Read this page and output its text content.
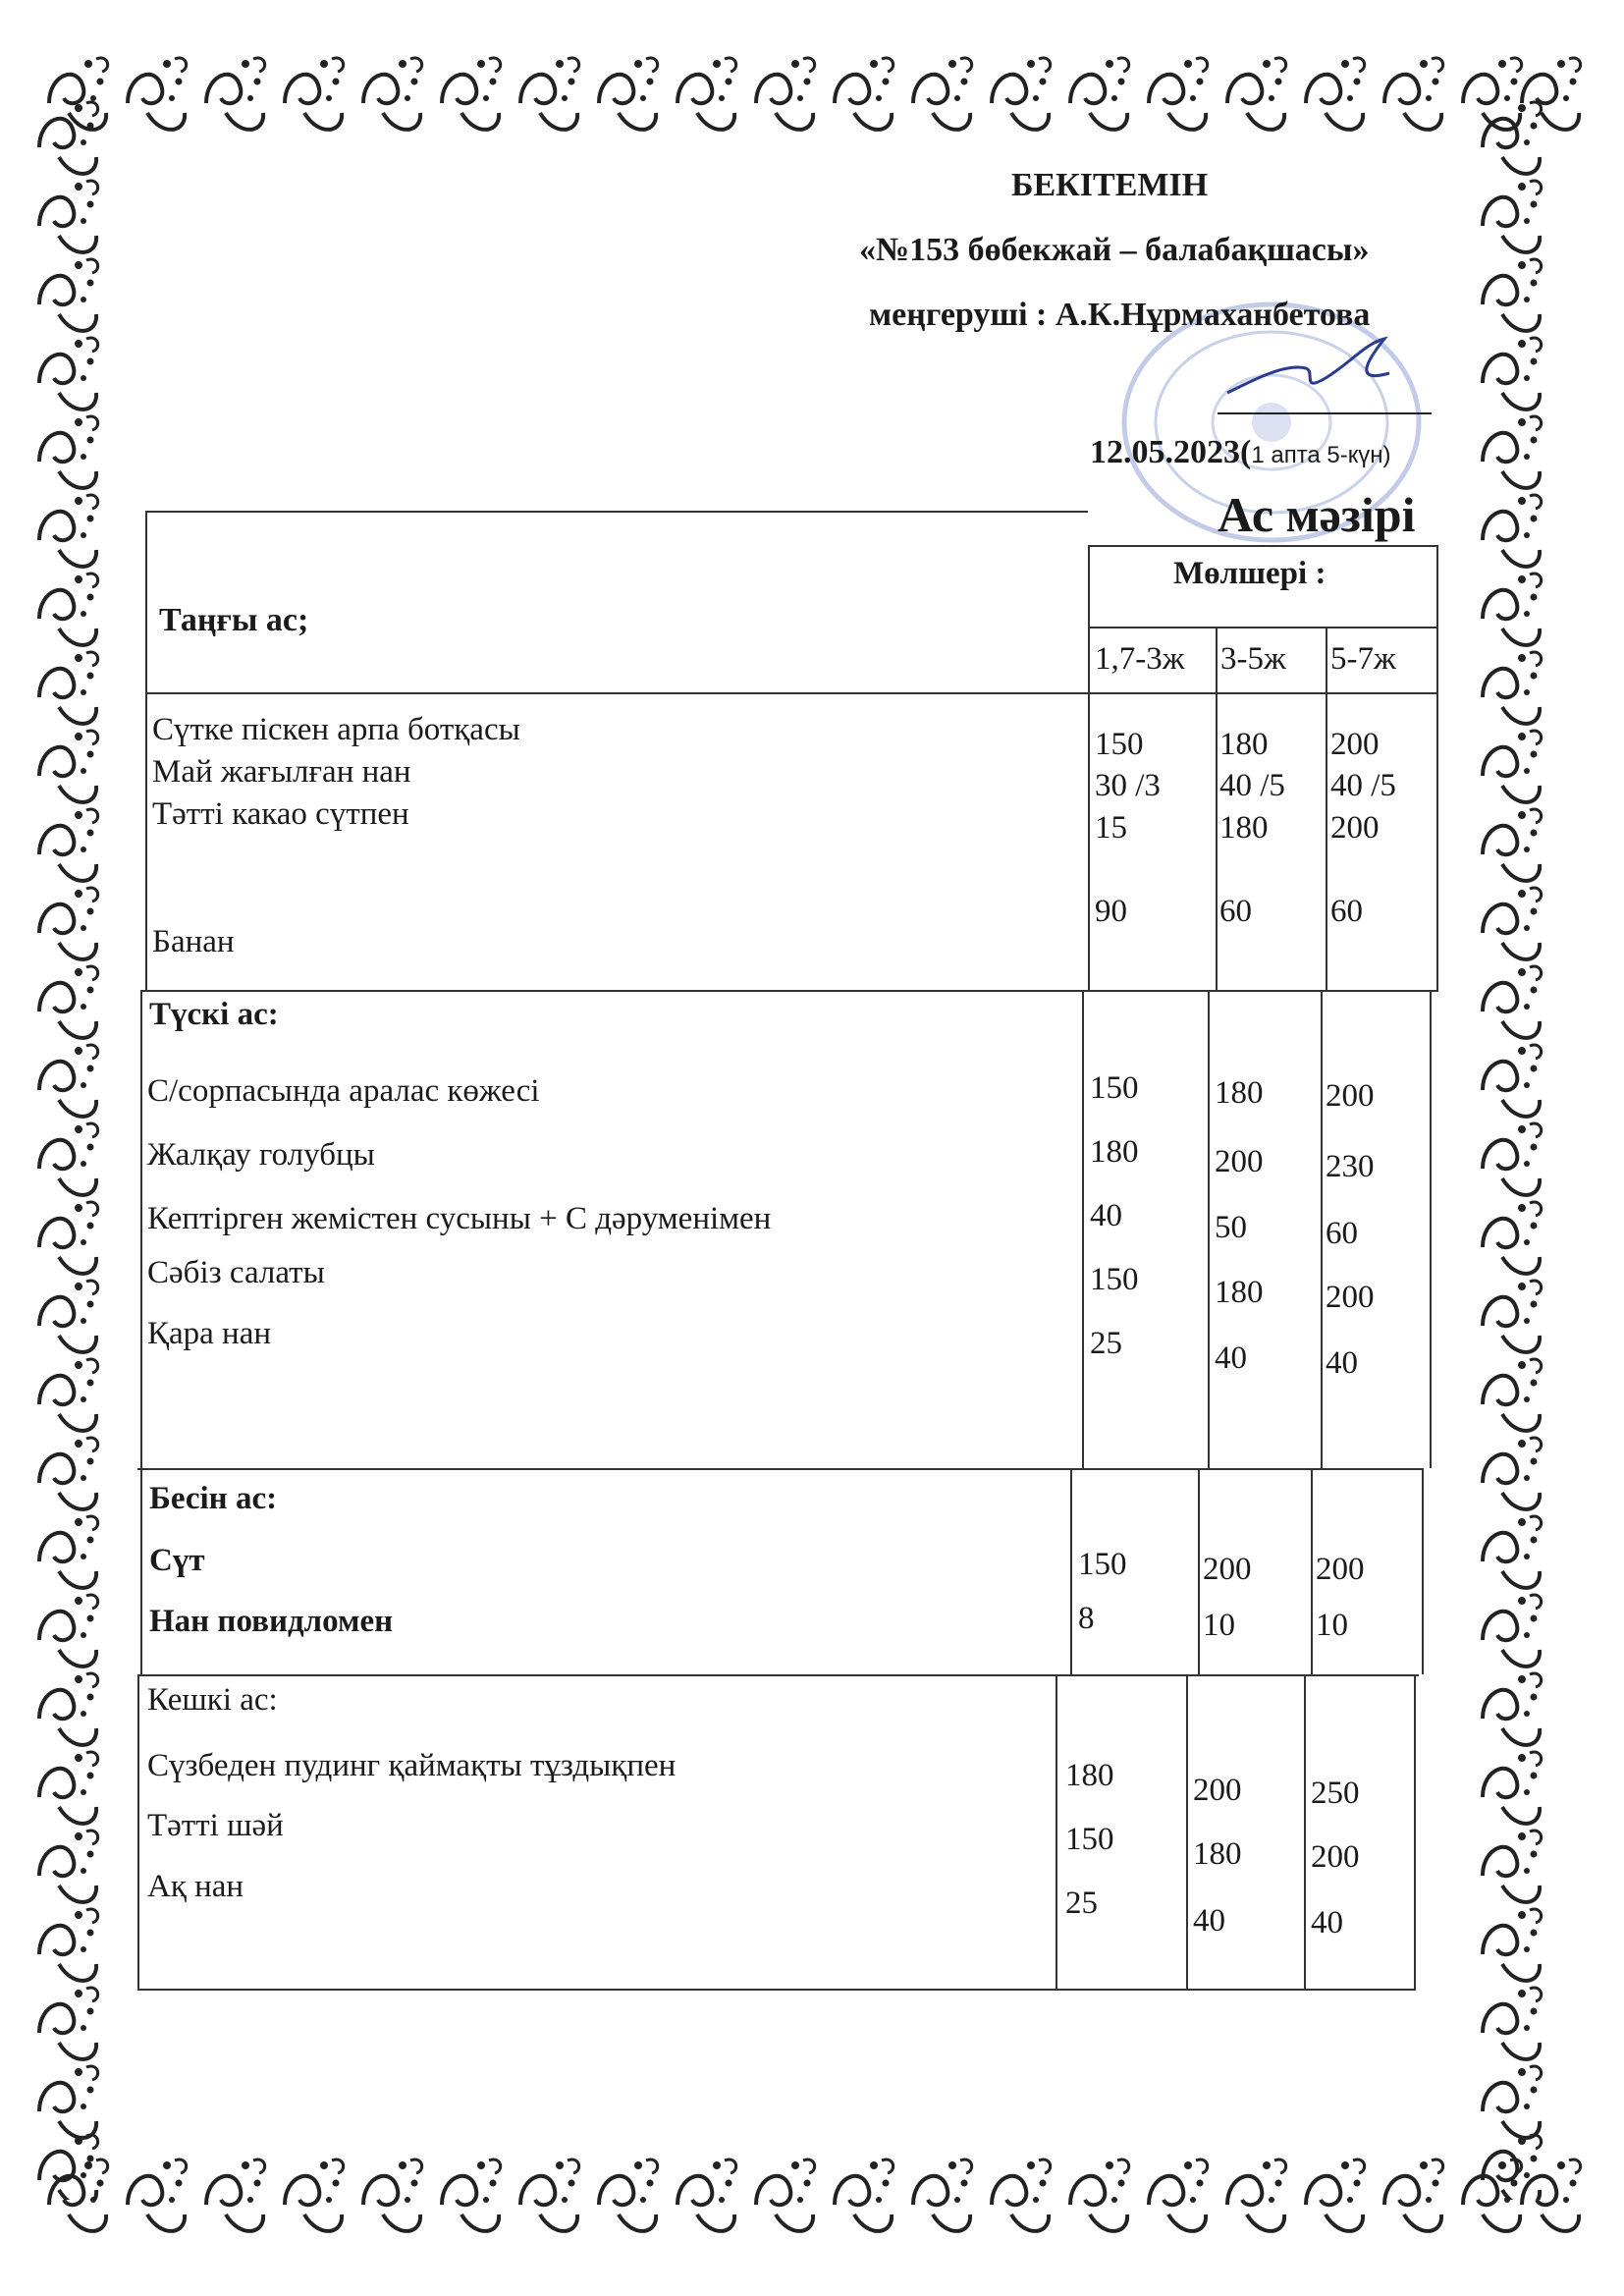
БЕКІТЕМІН
«№153 бөбекжай – балабақшасы»
меңгеруші : А.К.Нұрмаханбетова
12.05.2023(1 апта 5-күн)
Ас мәзірі
Таңғы ас;
Мөлшері :
1,7-3ж 3-5ж 5-7ж
Сүтке піскен арпа ботқасы
Май жағылған нан
Тәтті какао сүтпен
Банан
150
30 /3
15
90
180
40 /5
180
60
200
40 /5
200
60
Түскі ас:
С/сорпасында аралас көжесі
Жалқау голубцы
Кептірген жемістен сусыны + С дәруменімен
Сәбіз салаты
Қара нан
150
180
40
150
25
180
200
50
180
40
200
230
60
200
40
Бесін ас:
Сүт
Нан повидломен
150
8
200
10
200
10
Кешкі ас:
Сүзбеден пудинг қаймақты тұздықпен
Тәтті шәй
Ақ нан
180
150
25
200
180
40
250
200
40
